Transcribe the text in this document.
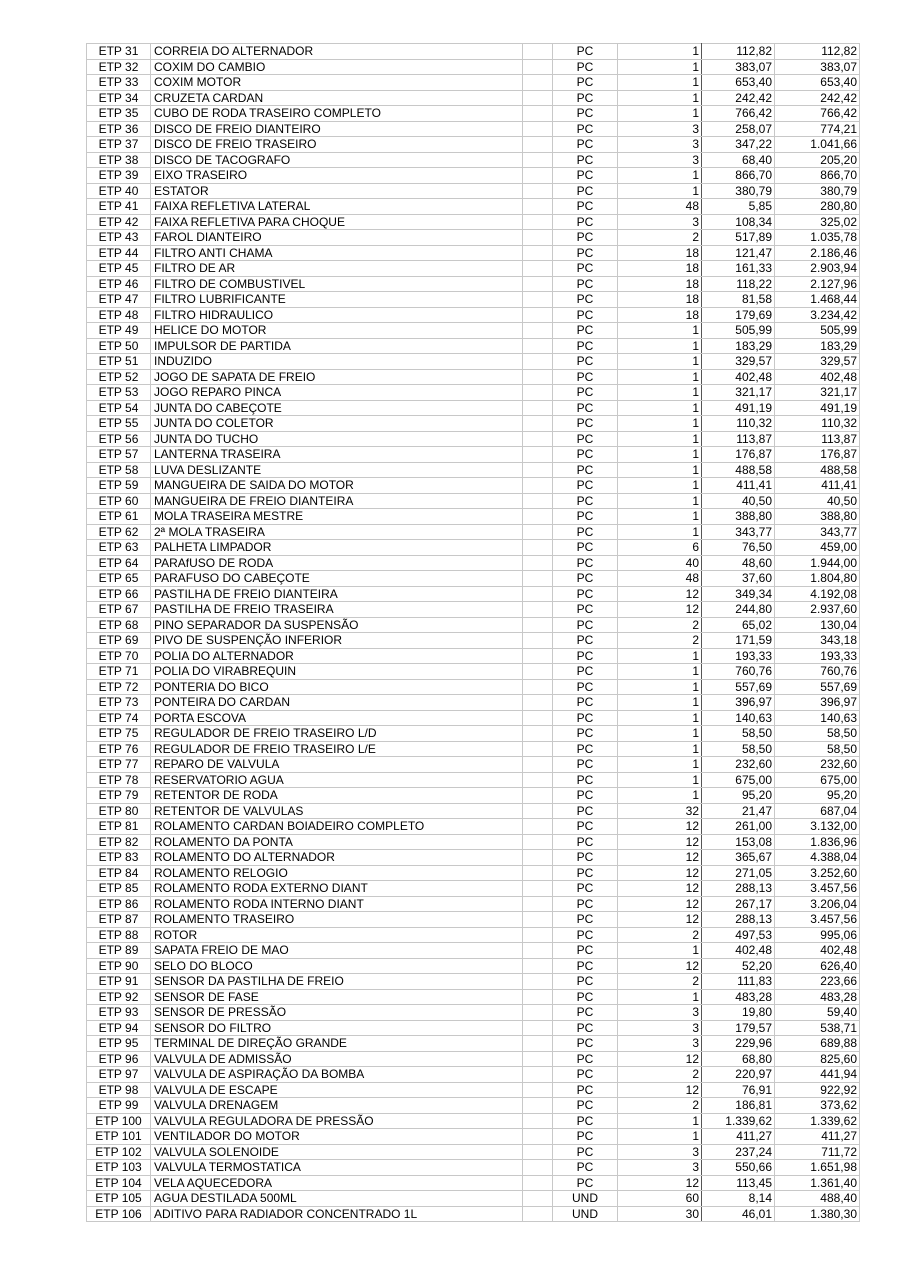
ETP 31	CORREIA DO ALTERNADOR		PC	1	112,82	112,82
ETP 32	COXIM DO CAMBIO		PC	1	383,07	383,07
ETP 33	COXIM MOTOR		PC	1	653,40	653,40
ETP 34	CRUZETA CARDAN		PC	1	242,42	242,42
ETP 35	CUBO DE RODA TRASEIRO COMPLETO		PC	1	766,42	766,42
ETP 36	DISCO DE FREIO DIANTEIRO		PC	3	258,07	774,21
ETP 37	DISCO DE FREIO TRASEIRO		PC	3	347,22	1.041,66
ETP 38	DISCO DE TACOGRAFO		PC	3	68,40	205,20
ETP 39	EIXO TRASEIRO		PC	1	866,70	866,70
ETP 40	ESTATOR		PC	1	380,79	380,79
ETP 41	FAIXA REFLETIVA LATERAL		PC	48	5,85	280,80
ETP 42	FAIXA REFLETIVA PARA CHOQUE		PC	3	108,34	325,02
ETP 43	FAROL DIANTEIRO		PC	2	517,89	1.035,78
ETP 44	FILTRO ANTI CHAMA		PC	18	121,47	2.186,46
ETP 45	FILTRO DE AR		PC	18	161,33	2.903,94
ETP 46	FILTRO DE COMBUSTIVEL		PC	18	118,22	2.127,96
ETP 47	FILTRO LUBRIFICANTE		PC	18	81,58	1.468,44
ETP 48	FILTRO HIDRAULICO		PC	18	179,69	3.234,42
ETP 49	HELICE DO MOTOR		PC	1	505,99	505,99
ETP 50	IMPULSOR DE PARTIDA		PC	1	183,29	183,29
ETP 51	INDUZIDO		PC	1	329,57	329,57
ETP 52	JOGO DE SAPATA DE FREIO		PC	1	402,48	402,48
ETP 53	JOGO REPARO PINCA		PC	1	321,17	321,17
ETP 54	JUNTA DO CABEÇOTE		PC	1	491,19	491,19
ETP 55	JUNTA DO COLETOR		PC	1	110,32	110,32
ETP 56	JUNTA DO TUCHO		PC	1	113,87	113,87
ETP 57	LANTERNA TRASEIRA		PC	1	176,87	176,87
ETP 58	LUVA DESLIZANTE		PC	1	488,58	488,58
ETP 59	MANGUEIRA DE SAIDA DO MOTOR		PC	1	411,41	411,41
ETP 60	MANGUEIRA DE FREIO DIANTEIRA		PC	1	40,50	40,50
ETP 61	MOLA TRASEIRA MESTRE		PC	1	388,80	388,80
ETP 62	2ª MOLA TRASEIRA		PC	1	343,77	343,77
ETP 63	PALHETA LIMPADOR		PC	6	76,50	459,00
ETP 64	PARAfUSO DE RODA		PC	40	48,60	1.944,00
ETP 65	PARAFUSO DO CABEÇOTE		PC	48	37,60	1.804,80
ETP 66	PASTILHA DE FREIO DIANTEIRA		PC	12	349,34	4.192,08
ETP 67	PASTILHA DE FREIO TRASEIRA		PC	12	244,80	2.937,60
ETP 68	PINO SEPARADOR DA SUSPENSÃO		PC	2	65,02	130,04
ETP 69	PIVO DE SUSPENÇÃO INFERIOR		PC	2	171,59	343,18
ETP 70	POLIA DO ALTERNADOR		PC	1	193,33	193,33
ETP 71	POLIA DO VIRABREQUIN		PC	1	760,76	760,76
ETP 72	PONTERIA DO BICO		PC	1	557,69	557,69
ETP 73	PONTEIRA DO CARDAN		PC	1	396,97	396,97
ETP 74	PORTA ESCOVA		PC	1	140,63	140,63
ETP 75	REGULADOR DE FREIO TRASEIRO L/D		PC	1	58,50	58,50
ETP 76	REGULADOR DE FREIO TRASEIRO L/E		PC	1	58,50	58,50
ETP 77	REPARO DE VALVULA		PC	1	232,60	232,60
ETP 78	RESERVATORIO AGUA		PC	1	675,00	675,00
ETP 79	RETENTOR DE RODA		PC	1	95,20	95,20
ETP 80	RETENTOR DE VALVULAS		PC	32	21,47	687,04
ETP 81	ROLAMENTO CARDAN BOIADEIRO COMPLETO		PC	12	261,00	3.132,00
ETP 82	ROLAMENTO DA PONTA		PC	12	153,08	1.836,96
ETP 83	ROLAMENTO DO ALTERNADOR		PC	12	365,67	4.388,04
ETP 84	ROLAMENTO RELOGIO		PC	12	271,05	3.252,60
ETP 85	ROLAMENTO RODA EXTERNO DIANT		PC	12	288,13	3.457,56
ETP 86	ROLAMENTO RODA INTERNO DIANT		PC	12	267,17	3.206,04
ETP 87	ROLAMENTO TRASEIRO		PC	12	288,13	3.457,56
ETP 88	ROTOR		PC	2	497,53	995,06
ETP 89	SAPATA FREIO DE MAO		PC	1	402,48	402,48
ETP 90	SELO DO BLOCO		PC	12	52,20	626,40
ETP 91	SENSOR DA PASTILHA DE FREIO		PC	2	111,83	223,66
ETP 92	SENSOR DE FASE		PC	1	483,28	483,28
ETP 93	SENSOR DE PRESSÃO		PC	3	19,80	59,40
ETP 94	SENSOR DO FILTRO		PC	3	179,57	538,71
ETP 95	TERMINAL DE DIREÇÃO GRANDE		PC	3	229,96	689,88
ETP 96	VALVULA DE ADMISSÃO		PC	12	68,80	825,60
ETP 97	VALVULA DE ASPIRAÇÃO DA BOMBA		PC	2	220,97	441,94
ETP 98	VALVULA DE ESCAPE		PC	12	76,91	922,92
ETP 99	VALVULA DRENAGEM		PC	2	186,81	373,62
ETP 100	VALVULA REGULADORA DE PRESSÃO		PC	1	1.339,62	1.339,62
ETP 101	VENTILADOR DO MOTOR		PC	1	411,27	411,27
ETP 102	VALVULA SOLENOIDE		PC	3	237,24	711,72
ETP 103	VALVULA TERMOSTATICA		PC	3	550,66	1.651,98
ETP 104	VELA AQUECEDORA		PC	12	113,45	1.361,40
ETP 105	AGUA DESTILADA 500ML		UND	60	8,14	488,40
ETP 106	ADITIVO PARA RADIADOR CONCENTRADO 1L		UND	30	46,01	1.380,30
